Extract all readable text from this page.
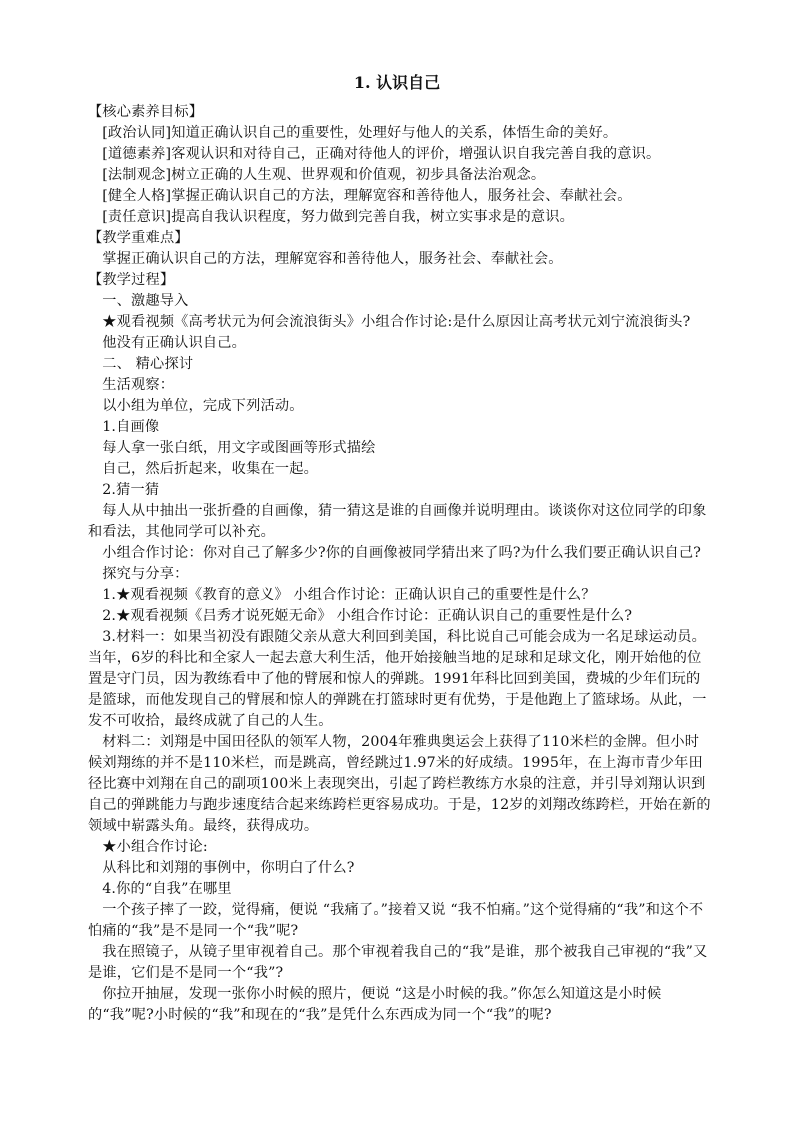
1. 认识自己

【核心素养目标】

[政治认同]知道正确认识自己的重要性，处理好与他人的关系，体悟生命的美好。

[道德素养]客观认识和对待自己，正确对待他人的评价，增强认识自我完善自我的意识。

[法制观念]树立正确的人生观、世界观和价值观，初步具备法治观念。

[健全人格]掌握正确认识自己的方法，理解宽容和善待他人，服务社会、奉献社会。

[责任意识]提高自我认识程度，努力做到完善自我，树立实事求是的意识。

【教学重难点】

掌握正确认识自己的方法，理解宽容和善待他人，服务社会、奉献社会。

【教学过程】

一、激趣导入

★观看视频《高考状元为何会流浪街头》小组合作讨论:是什么原因让高考状元刘宁流浪街头?

他没有正确认识自己。

二、 精心探讨

生活观察：

以小组为单位，完成下列活动。

1.自画像

每人拿一张白纸，用文字或图画等形式描绘

自己，然后折起来，收集在一起。

2.猜一猜

每人从中抽出一张折叠的自画像，猜一猜这是谁的自画像并说明理由。谈谈你对这位同学的印象和看法，其他同学可以补充。

小组合作讨论：你对自己了解多少?你的自画像被同学猜出来了吗?为什么我们要正确认识自己?

探究与分享：

1.★观看视频《教育的意义》 小组合作讨论：正确认识自己的重要性是什么？

2.★观看视频《吕秀才说死姬无命》 小组合作讨论：正确认识自己的重要性是什么?

3.材料一：如果当初没有跟随父亲从意大利回到美国，科比说自己可能会成为一名足球运动员。当年，6岁的科比和全家人一起去意大利生活，他开始接触当地的足球和足球文化，刚开始他的位置是守门员，因为教练看中了他的臂展和惊人的弹跳。1991年科比回到美国，费城的少年们玩的是篮球，而他发现自己的臂展和惊人的弹跳在打篮球时更有优势，于是他跑上了篮球场。从此，一发不可收拾，最终成就了自己的人生。

材料二：刘翔是中国田径队的领军人物，2004年雅典奥运会上获得了110米栏的金牌。但小时候刘翔练的并不是110米栏，而是跳高，曾经跳过1.97米的好成绩。1995年，在上海市青少年田径比赛中刘翔在自己的副项100米上表现突出，引起了跨栏教练方水泉的注意，并引导刘翔认识到自己的弹跳能力与跑步速度结合起来练跨栏更容易成功。于是，12岁的刘翔改练跨栏，开始在新的领域中崭露头角。最终，获得成功。

★小组合作讨论:

从科比和刘翔的事例中，你明白了什么?

4.你的“自我”在哪里

一个孩子摔了一跤，觉得痛，便说 “我痛了。”接着又说 “我不怕痛。”这个觉得痛的“我”和这个不怕痛的“我”是不是同一个“我”呢?

我在照镜子，从镜子里审视着自己。那个审视着我自己的“我”是谁，那个被我自己审视的“我”又是谁，它们是不是同一个“我”?

你拉开抽屉，发现一张你小时候的照片，便说 “这是小时候的我。”你怎么知道这是小时候的“我”呢?小时候的“我”和现在的“我”是凭什么东西成为同一个“我”的呢?
